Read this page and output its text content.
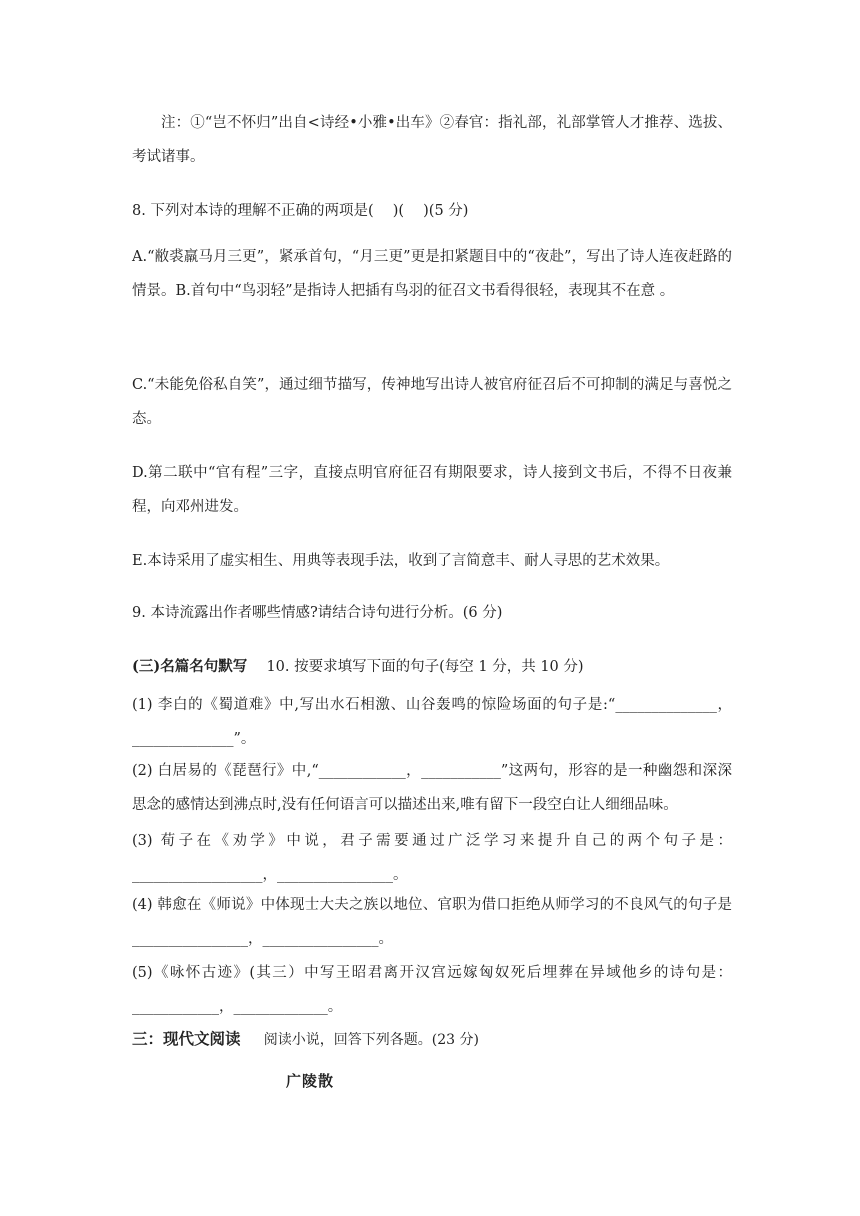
注：①“岂不怀归”出自<诗经•小雅•出车》②春官：指礼部，礼部掌管人才推荐、选拔、考试诸事。
8. 下列对本诗的理解不正确的两项是(　 )(　 )(5 分)
A.“敝裘羸马月三更”，紧承首句，“月三更”更是扣紧题目中的“夜赴”，写出了诗人连夜赶路的情景。B.首句中“鸟羽轻”是指诗人把插有鸟羽的征召文书看得很轻，表现其不在意 。
C.“未能免俗私自笑”，通过细节描写，传神地写出诗人被官府征召后不可抑制的满足与喜悦之态。
D.第二联中“官有程”三字，直接点明官府征召有期限要求，诗人接到文书后，不得不日夜兼程，向邓州进发。
E.本诗采用了虚实相生、用典等表现手法，收到了言简意丰、耐人寻思的艺术效果。
9. 本诗流露出作者哪些情感?请结合诗句进行分析。(6 分)
(三)名篇名句默写 10. 按要求填写下面的句子(每空 1 分，共 10 分)
(1) 李白的《蜀道难》中,写出水石相激、山谷轰鸣的惊险场面的句子是:“______________，______________”。
(2) 白居易的《琵琶行》中,“____________，___________”这两句，形容的是一种幽怨和深深思念的感情达到沸点时,没有任何语言可以描述出来,唯有留下一段空白让人细细品味。
(3) 荀子在《劝学》中说，君子需要通过广泛学习来提升自己的两个句子是：__________________，________________。
(4) 韩愈在《师说》中体现士大夫之族以地位、官职为借口拒绝从师学习的不良风气的句子是________________，________________。
(5)《咏怀古迹》(其三）中写王昭君离开汉宫远嫁匈奴死后埋葬在异域他乡的诗句是：____________，_____________。
三：现代文阅读 阅读小说，回答下列各题。(23 分)
广陵散
